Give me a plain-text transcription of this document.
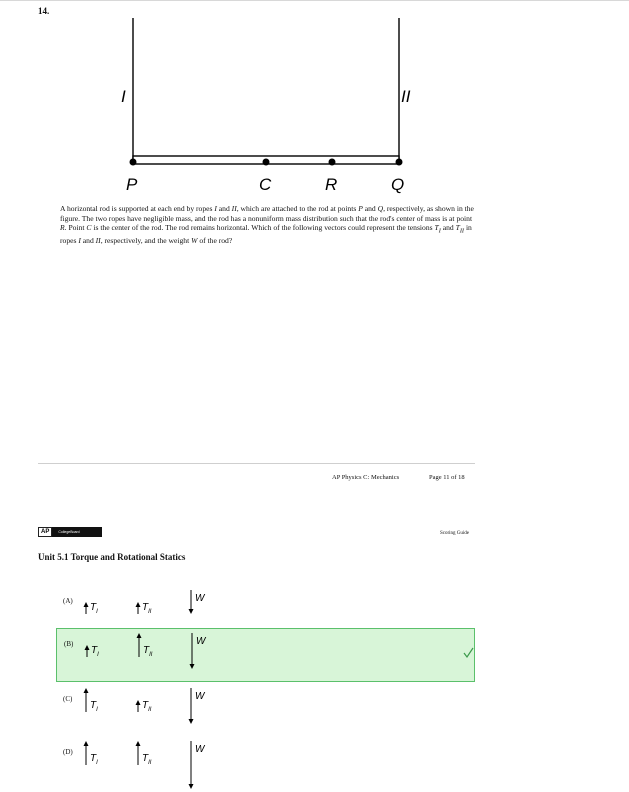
14.
I	II
P	C	R	Q
A horizontal rod is supported at each end by ropes I and II, which are attached to the rod at points P and Q, respectively, as shown in the figure. The two ropes have negligible mass, and the rod has a nonuniform mass distribution such that the rod's center of mass is at point R. Point C is the center of the rod. The rod remains horizontal. Which of the following vectors could represent the tensions $T_I$ and $T_{II}$ in ropes I and II, respectively, and the weight W of the rod?
AP Physics C: Mechanics	Page 11 of 18
AP	CollegeBoard	Scoring Guide
Unit 5.1 Torque and Rotational Statics
(A)
$T_I$	$T_{II}$
W
(B)
$T_I$	$T_{II}$
W
(C)
$T_I$	$T_{II}$
W
(D)
$T_I$	$T_{II}$
W
